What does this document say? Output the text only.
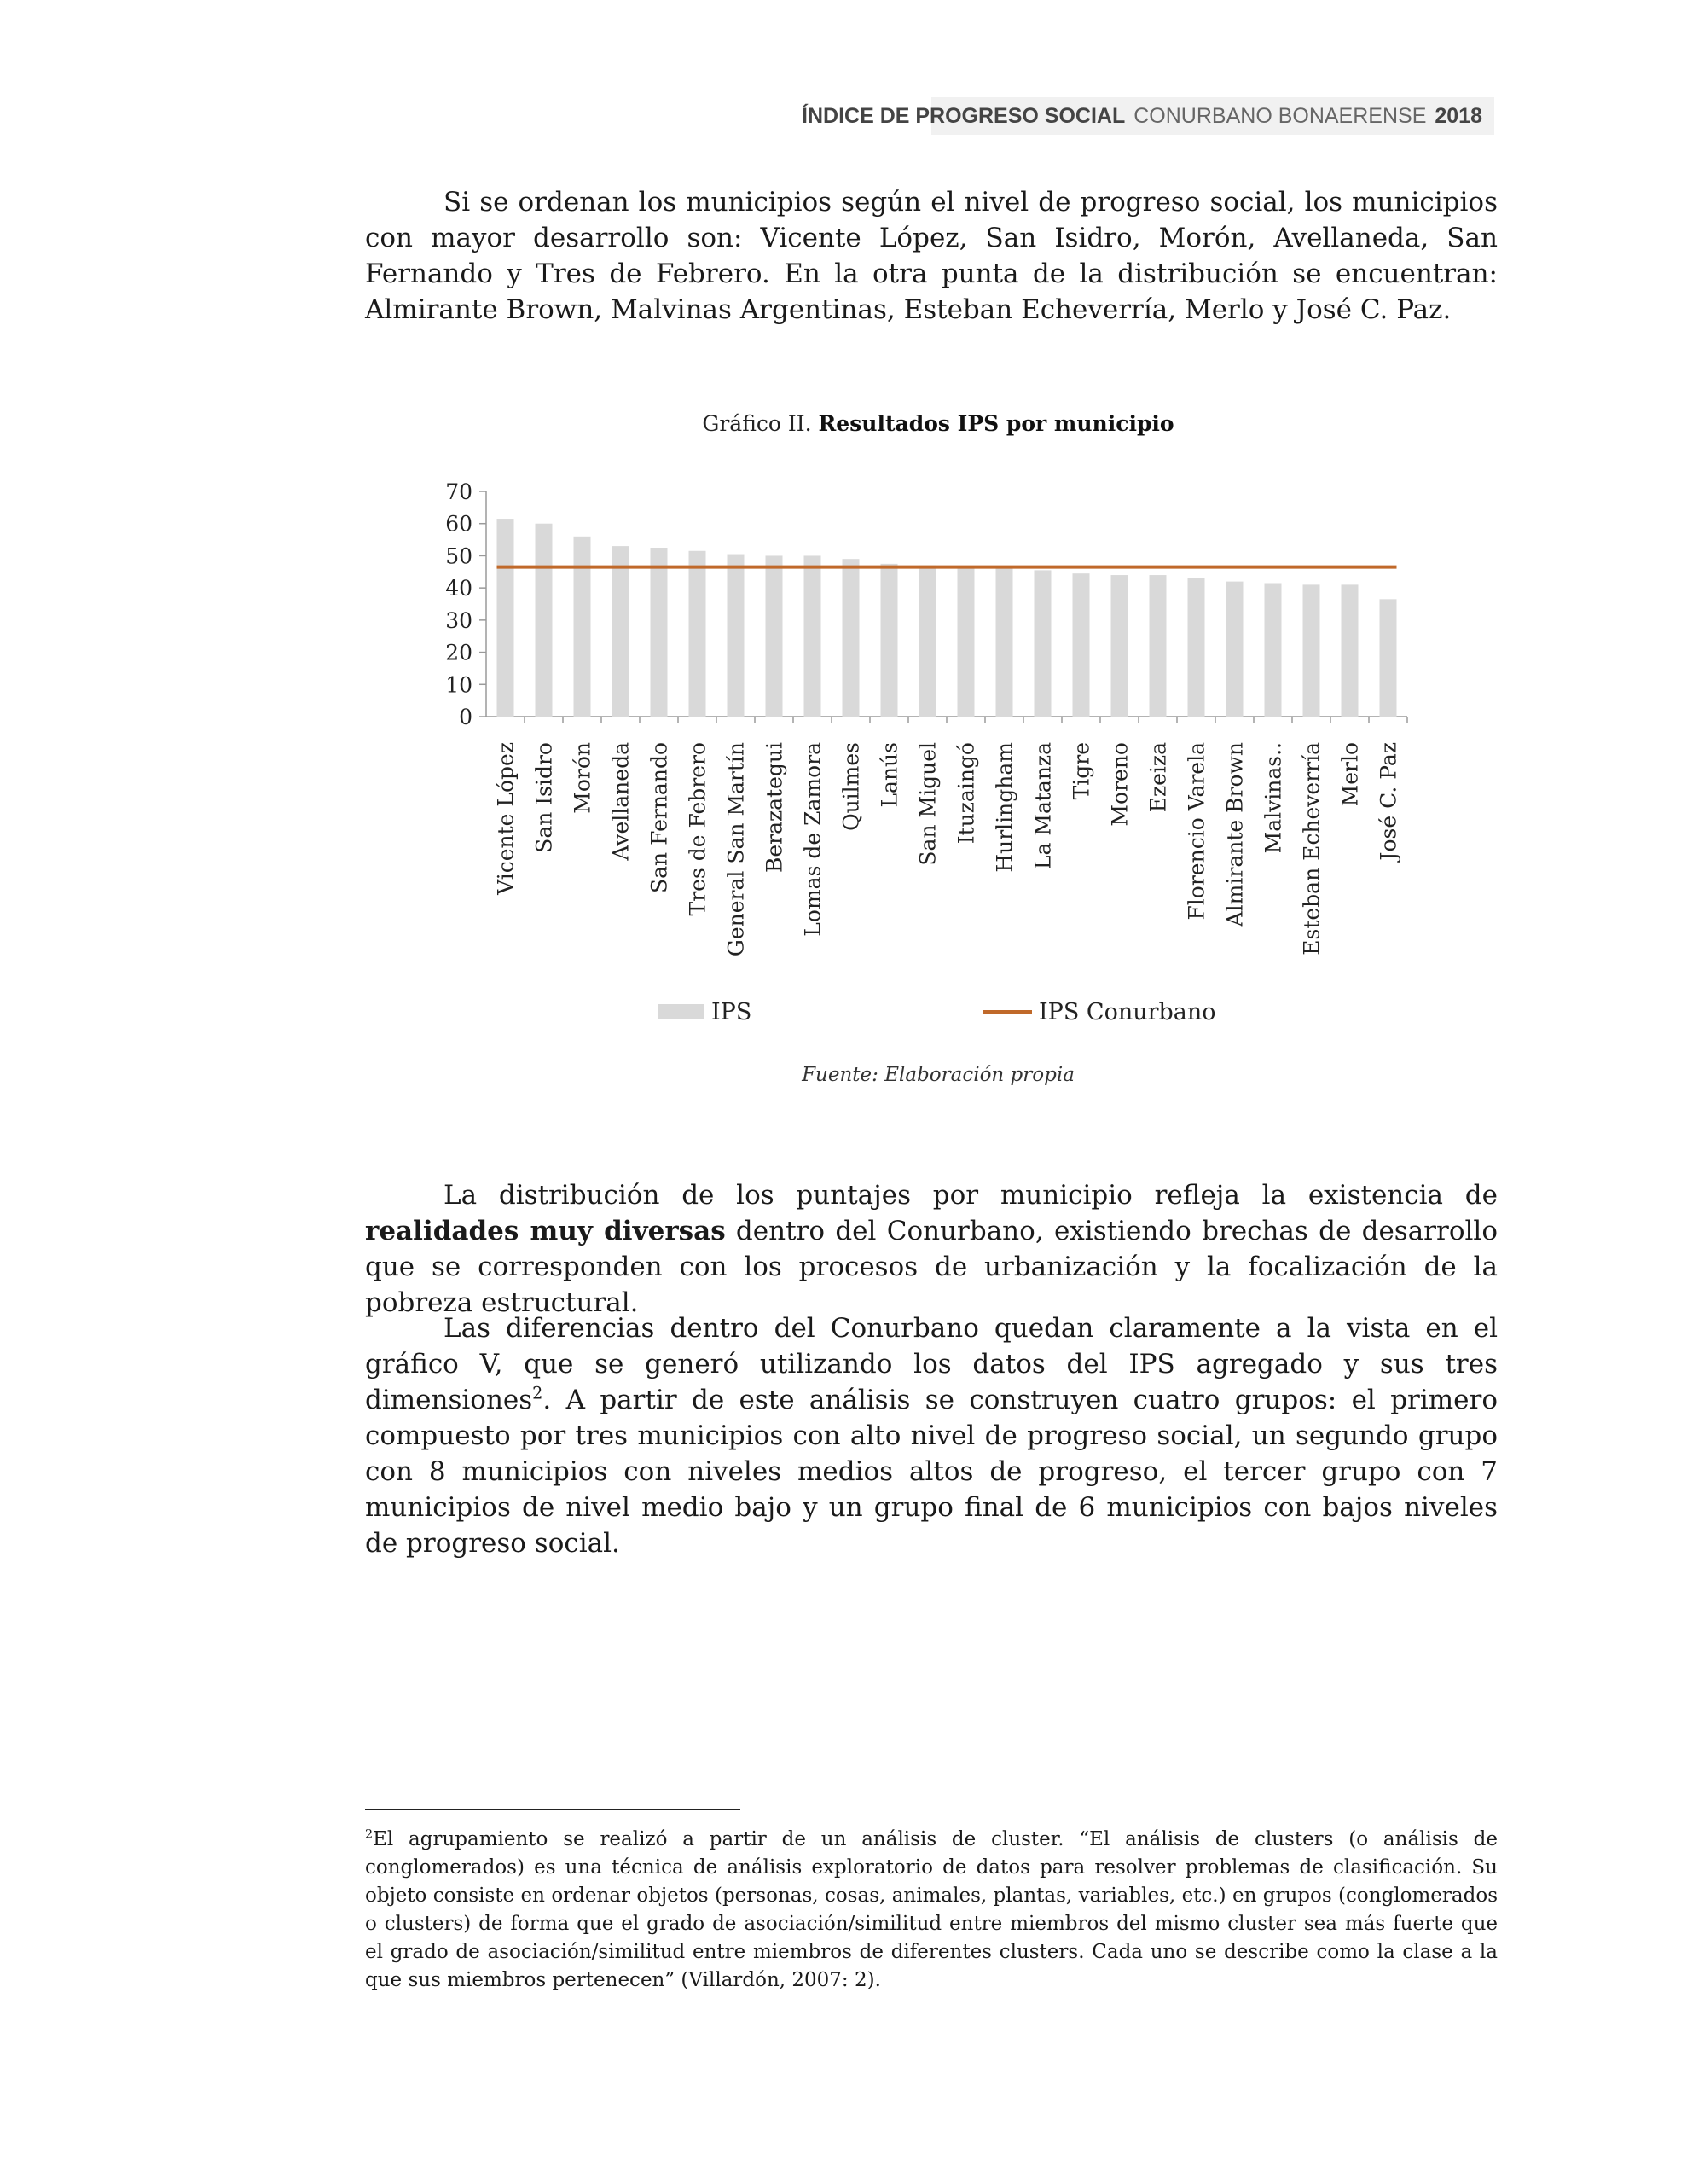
ÍNDICE DE PROGRESO SOCIAL CONURBANO BONAERENSE 2018

Si se ordenan los municipios según el nivel de progreso social, los municipios con mayor desarrollo son: Vicente López, San Isidro, Morón, Avellaneda, San Fernando y Tres de Febrero. En la otra punta de la distribución se encuentran: Almirante Brown, Malvinas Argentinas, Esteban Echeverría, Merlo y José C. Paz.

Gráfico II. Resultados IPS por municipio
0
10
20
30
40
50
60
70
Vicente López San Isidro Morón Avellaneda San Fernando Tres de Febrero General San Martín Berazategui Lomas de Zamora Quilmes Lanús San Miguel Ituzaingó Hurlingham La Matanza Tigre Moreno Ezeiza Florencio Varela Almirante Brown Malvinas.. Esteban Echeverría Merlo José C. Paz
IPS	IPS Conurbano
Fuente: Elaboración propia

La distribución de los puntajes por municipio refleja la existencia de realidades muy diversas dentro del Conurbano, existiendo brechas de desarrollo que se corresponden con los procesos de urbanización y la focalización de la pobreza estructural.

Las diferencias dentro del Conurbano quedan claramente a la vista en el gráfico V, que se generó utilizando los datos del IPS agregado y sus tres dimensiones$^2$. A partir de este análisis se construyen cuatro grupos: el primero compuesto por tres municipios con alto nivel de progreso social, un segundo grupo con 8 municipios con niveles medios altos de progreso, el tercer grupo con 7 municipios de nivel medio bajo y un grupo final de 6 municipios con bajos niveles de progreso social.

$^2$El agrupamiento se realizó a partir de un análisis de cluster. “El análisis de clusters (o análisis de conglomerados) es una técnica de análisis exploratorio de datos para resolver problemas de clasificación. Su objeto consiste en ordenar objetos (personas, cosas, animales, plantas, variables, etc.) en grupos (conglomerados o clusters) de forma que el grado de asociación/similitud entre miembros del mismo cluster sea más fuerte que el grado de asociación/similitud entre miembros de diferentes clusters. Cada uno se describe como la clase a la que sus miembros pertenecen” (Villardón, 2007: 2).
